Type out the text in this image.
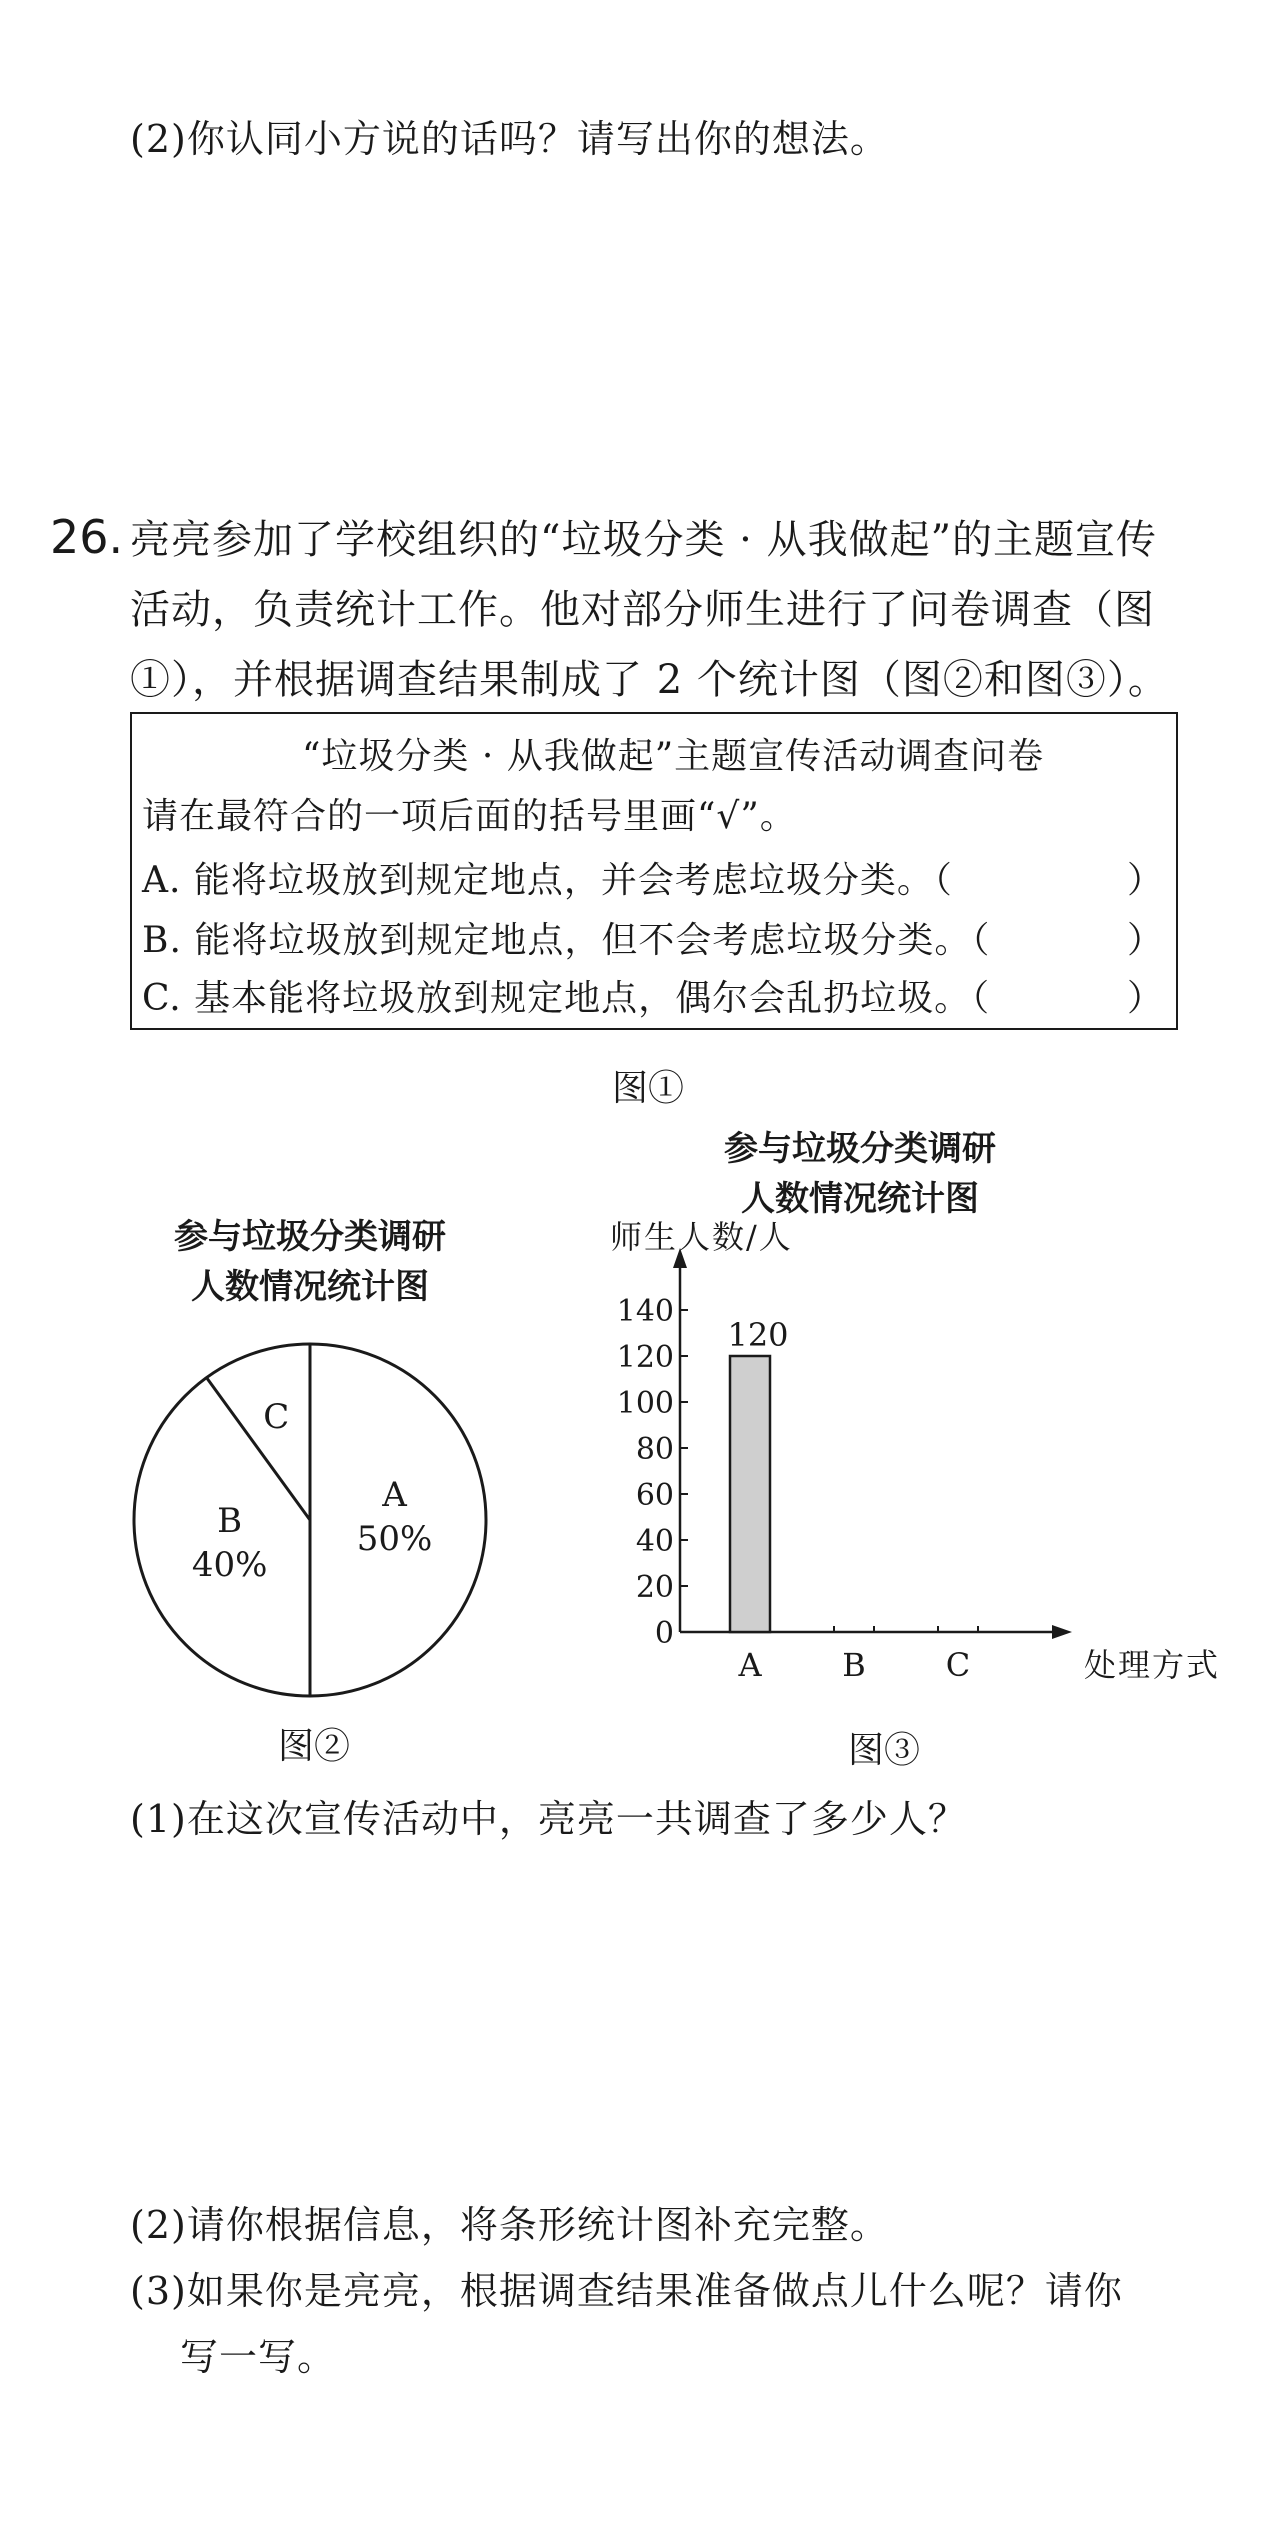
(2)你认同小方说的话吗？请写出你的想法。
26. 亮亮参加了学校组织的“垃圾分类 · 从我做起”的主题宣传
活动，负责统计工作。他对部分师生进行了问卷调查（图
①），并根据调查结果制成了 2 个统计图（图②和图③）。
“垃圾分类 · 从我做起”主题宣传活动调查问卷
请在最符合的一项后面的括号里画“√”。
A. 能将垃圾放到规定地点，并会考虑垃圾分类。（	）
B. 能将垃圾放到规定地点，但不会考虑垃圾分类。（	）
C. 基本能将垃圾放到规定地点，偶尔会乱扔垃圾。（	）
图①
参与垃圾分类调研
人数情况统计图
A
50%
B
40%
C
图②
参与垃圾分类调研
人数情况统计图
师生人数/人
0
20
40
60
80
100
120
140
A
120
B	C	处理方式
图③
(1)在这次宣传活动中，亮亮一共调查了多少人？
(2)请你根据信息，将条形统计图补充完整。
(3)如果你是亮亮，根据调查结果准备做点儿什么呢？请你
写一写。
